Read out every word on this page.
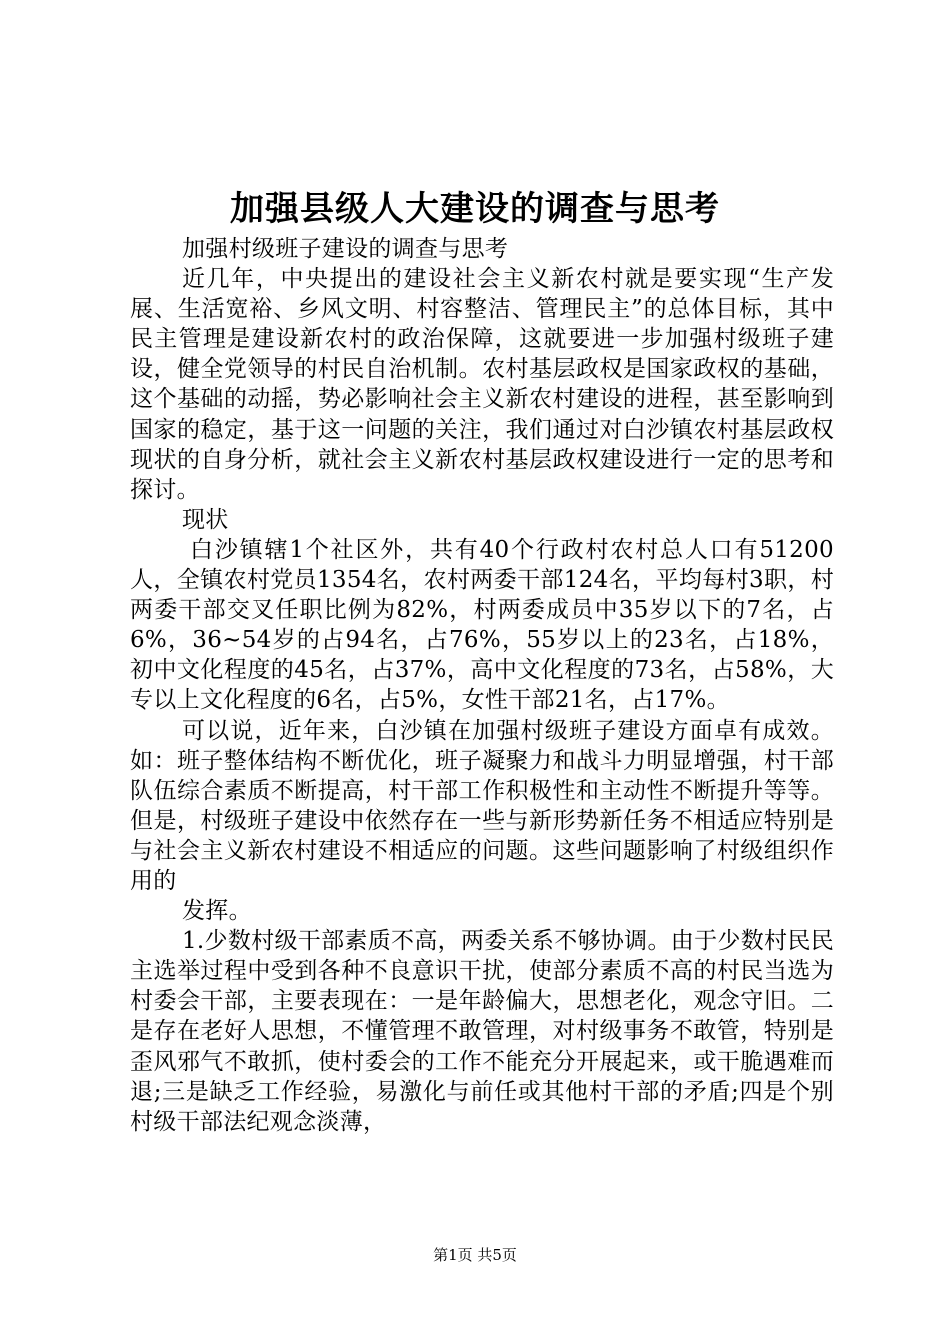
加强县级人大建设的调查与思考

加强村级班子建设的调查与思考

近几年，中央提出的建设社会主义新农村就是要实现“生产发展、生活宽裕、乡风文明、村容整洁、管理民主”的总体目标，其中民主管理是建设新农村的政治保障，这就要进一步加强村级班子建设，健全党领导的村民自治机制。农村基层政权是国家政权的基础，这个基础的动摇，势必影响社会主义新农村建设的进程，甚至影响到国家的稳定，基于这一问题的关注，我们通过对白沙镇农村基层政权现状的自身分析，就社会主义新农村基层政权建设进行一定的思考和探讨。

现状

白沙镇辖1个社区外，共有40个行政村农村总人口有51200人，全镇农村党员1354名，农村两委干部124名，平均每村3职，村两委干部交叉任职比例为82%，村两委成员中35岁以下的7名，占6%，36~54岁的占94名，占76%，55岁以上的23名，占18%，初中文化程度的45名，占37%，高中文化程度的73名，占58%，大专以上文化程度的6名，占5%，女性干部21名，占17%。

可以说，近年来，白沙镇在加强村级班子建设方面卓有成效。如：班子整体结构不断优化，班子凝聚力和战斗力明显增强，村干部队伍综合素质不断提高，村干部工作积极性和主动性不断提升等等。但是，村级班子建设中依然存在一些与新形势新任务不相适应特别是与社会主义新农村建设不相适应的问题。这些问题影响了村级组织作用的

发挥。

1.少数村级干部素质不高，两委关系不够协调。由于少数村民民主选举过程中受到各种不良意识干扰，使部分素质不高的村民当选为村委会干部，主要表现在：一是年龄偏大，思想老化，观念守旧。二是存在老好人思想，不懂管理不敢管理，对村级事务不敢管，特别是歪风邪气不敢抓，使村委会的工作不能充分开展起来，或干脆遇难而退;三是缺乏工作经验，易激化与前任或其他村干部的矛盾;四是个别村级干部法纪观念淡薄，

第1页 共5页
